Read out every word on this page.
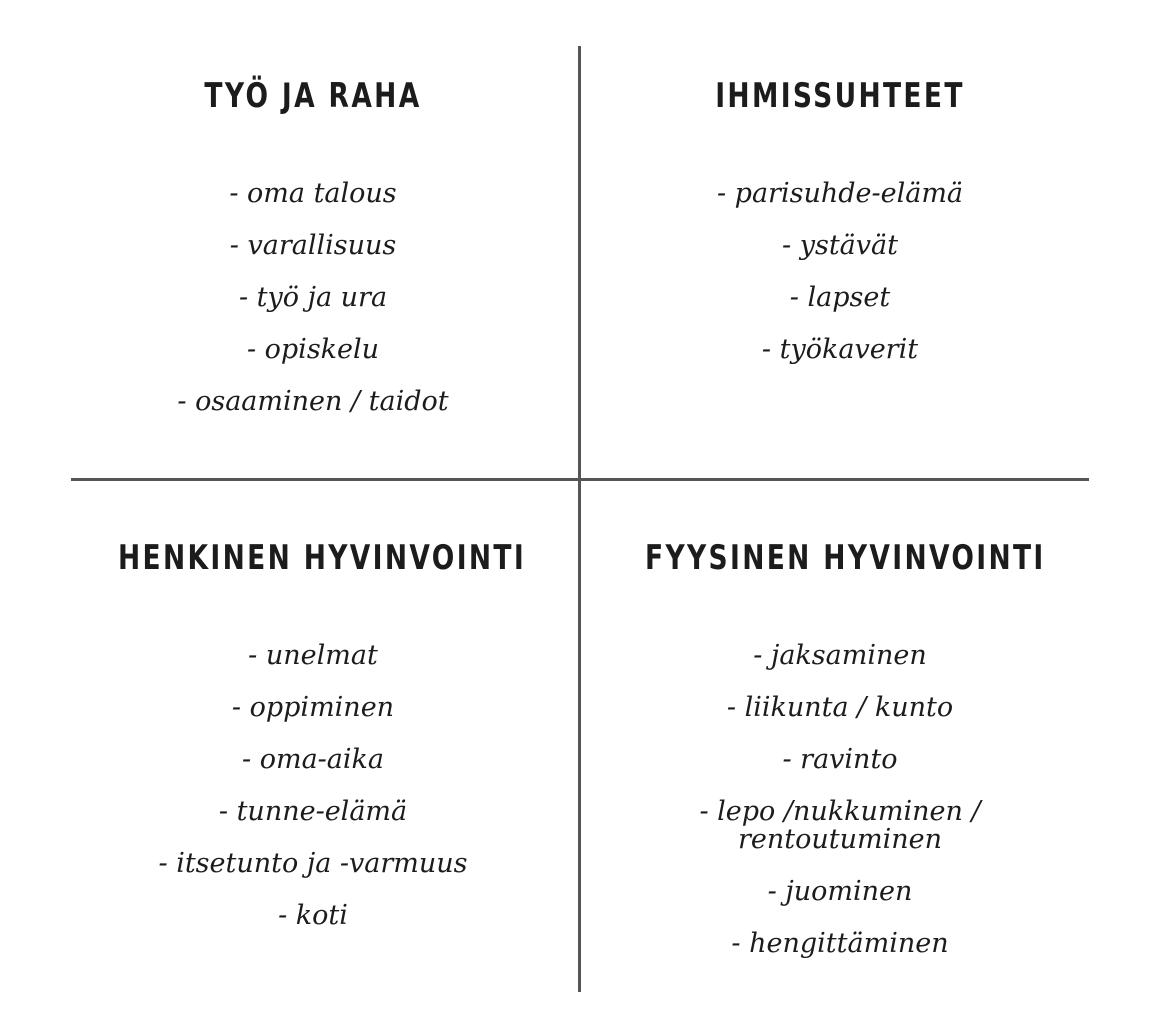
TYÖ JA RAHA
- oma talous
- varallisuus
- työ ja ura
- opiskelu
- osaaminen / taidot
IHMISSUHTEET
- parisuhde-elämä
- ystävät
- lapset
- työkaverit
HENKINEN HYVINVOINTI
- unelmat
- oppiminen
- oma-aika
- tunne-elämä
- itsetunto ja -varmuus
- koti
FYYSINEN HYVINVOINTI
- jaksaminen
- liikunta / kunto
- ravinto
- lepo /nukkuminen /
rentoutuminen
- juominen
- hengittäminen
